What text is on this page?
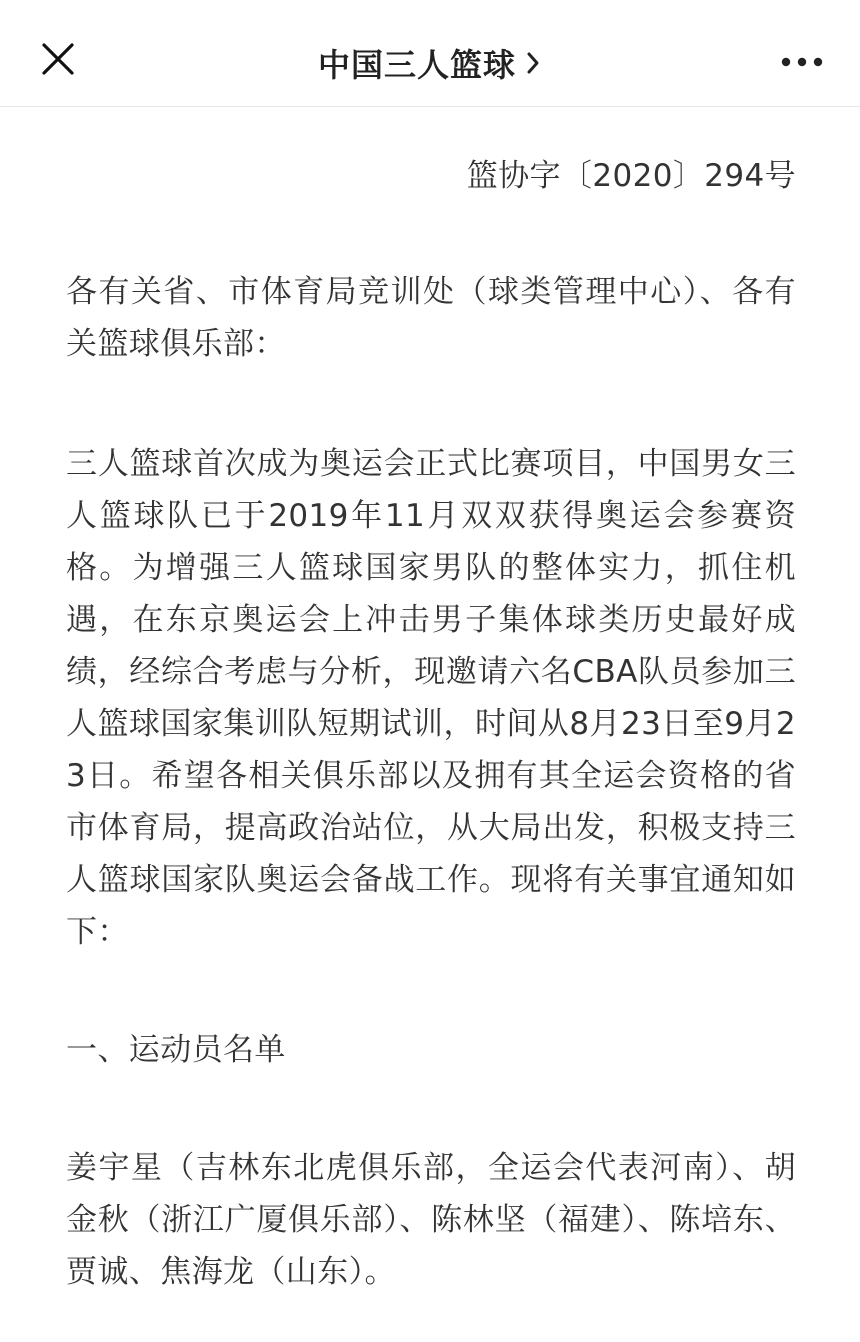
中国三人篮球

篮协字〔2020〕294号

各有关省、市体育局竞训处（球类管理中心）、各有关篮球俱乐部：

三人篮球首次成为奥运会正式比赛项目，中国男女三人篮球队已于2019年11月双双获得奥运会参赛资格。为增强三人篮球国家男队的整体实力，抓住机遇，在东京奥运会上冲击男子集体球类历史最好成绩，经综合考虑与分析，现邀请六名CBA队员参加三人篮球国家集训队短期试训，时间从8月23日至9月23日。希望各相关俱乐部以及拥有其全运会资格的省市体育局，提高政治站位，从大局出发，积极支持三人篮球国家队奥运会备战工作。现将有关事宜通知如下：

一、运动员名单

姜宇星（吉林东北虎俱乐部，全运会代表河南）、胡金秋（浙江广厦俱乐部）、陈林坚（福建）、陈培东、贾诚、焦海龙（山东）。
